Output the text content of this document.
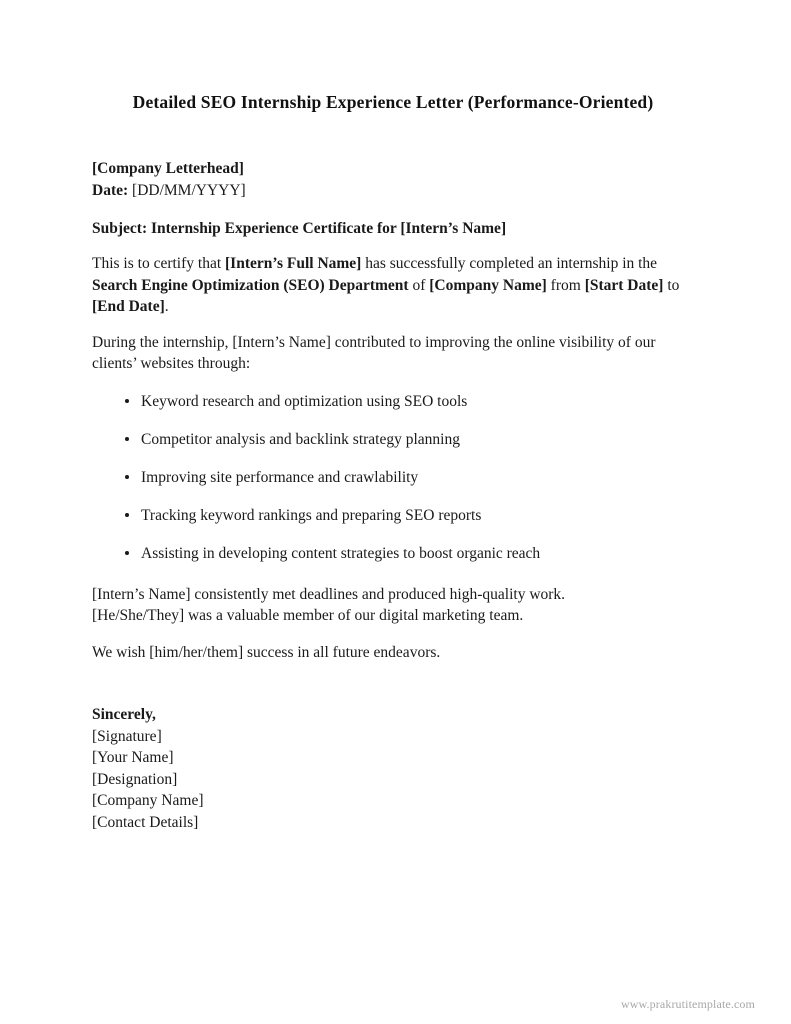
Detailed SEO Internship Experience Letter (Performance-Oriented)
[Company Letterhead]
Date: [DD/MM/YYYY]
Subject: Internship Experience Certificate for [Intern’s Name]
This is to certify that [Intern’s Full Name] has successfully completed an internship in the Search Engine Optimization (SEO) Department of [Company Name] from [Start Date] to [End Date].
During the internship, [Intern’s Name] contributed to improving the online visibility of our clients’ websites through:
Keyword research and optimization using SEO tools
Competitor analysis and backlink strategy planning
Improving site performance and crawlability
Tracking keyword rankings and preparing SEO reports
Assisting in developing content strategies to boost organic reach
[Intern’s Name] consistently met deadlines and produced high-quality work.
[He/She/They] was a valuable member of our digital marketing team.
We wish [him/her/them] success in all future endeavors.
Sincerely,
[Signature]
[Your Name]
[Designation]
[Company Name]
[Contact Details]
www.prakrutitemplate.com
